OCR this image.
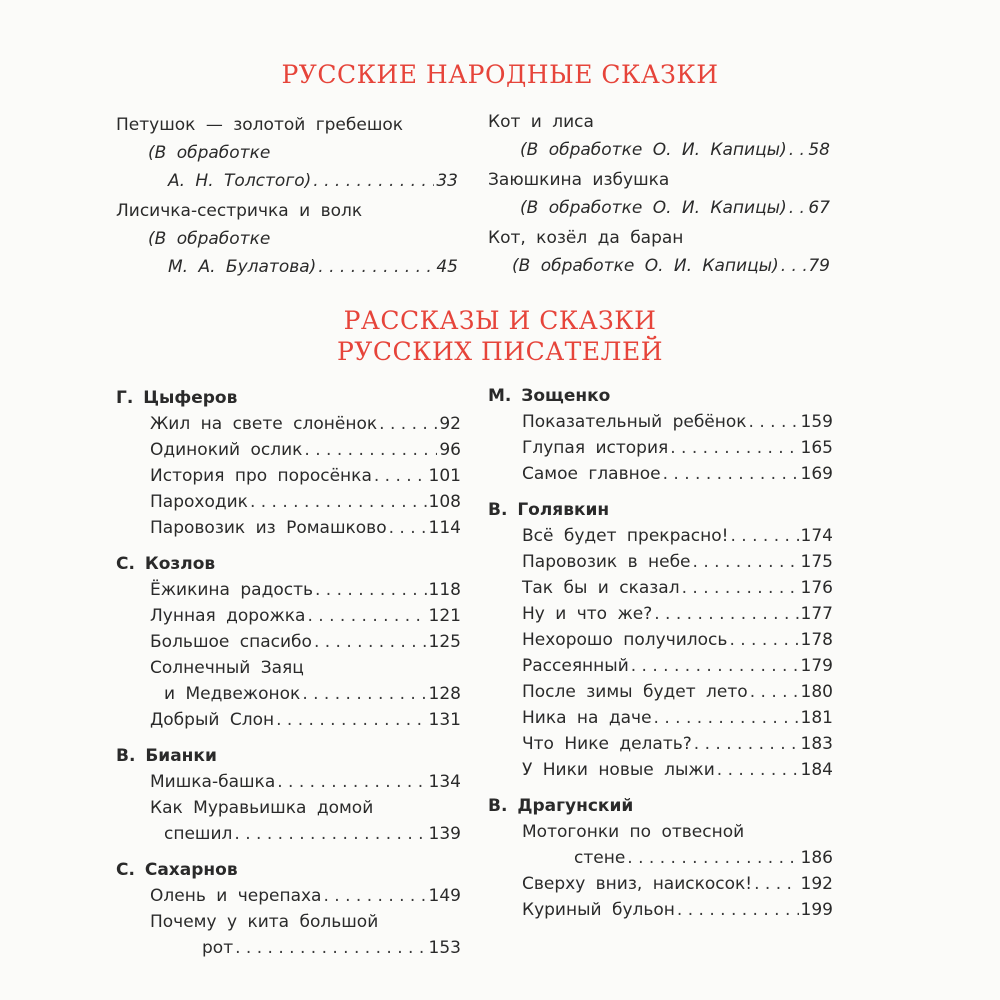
РУССКИЕ НАРОДНЫЕ СКАЗКИ
Петушок — золотой гребешок
(В обработке
А. Н. Толстого) . . .	33
Лисичка-сестричка и волк
(В обработке
М. А. Булатова) . . .	45
Кот и лиса
(В обработке О. И. Капицы) . . . 58
Заюшкина избушка
(В обработке О. И. Капицы) . . . 67
Кот, козёл да баран
(В обработке О. И. Капицы) . . . 79
РАССКАЗЫ И СКАЗКИ
РУССКИХ ПИСАТЕЛЕЙ
Г. Цыферов
Жил на свете слонёнок . . .	92
Одинокий ослик . . .	96
История про поросёнка . . .	101
Пароходик . . .	108
Паровозик из Ромашково . . . 114
С. Козлов
Ёжикина радость . . .	118
Лунная дорожка . . .	121
Большое спасибо . . .	125
Солнечный Заяц
и Медвежонок . . .	128
Добрый Слон . . .	131
В. Бианки
Мишка-башка . . .	134
Как Муравьишка домой
спешил . . .	139
С. Сахарнов
Олень и черепаха . . .	149
Почему у кита большой
рот . . .	153
М. Зощенко
Показательный ребёнок . . .	159
Глупая история . . .	165
Самое главное . . .	169
В. Голявкин
Всё будет прекрасно! . . .	174
Паровозик в небе . . .	175
Так бы и сказал . . .	176
Ну и что же? . . .	177
Нехорошо получилось . . .	178
Рассеянный . . .	179
После зимы будет лето . . .	180
Ника на даче . . .	181
Что Нике делать? . . .	183
У Ники новые лыжи . . .	184
В. Драгунский
Мотогонки по отвесной
стене . . .	186
Сверху вниз, наискосок! . . .	192
Куриный бульон . . .	199
